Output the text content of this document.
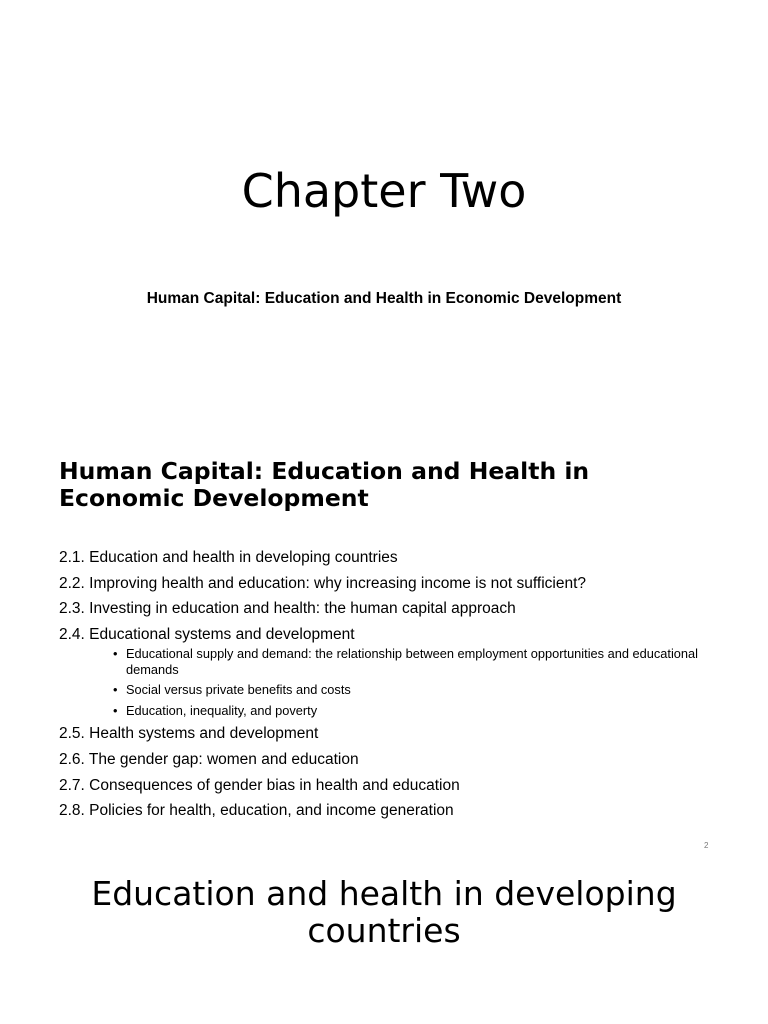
Chapter Two
Human Capital: Education and Health in Economic Development
Human Capital: Education and Health in Economic Development
2.1. Education and health in developing countries
2.2. Improving health and education: why increasing income is not sufficient?
2.3. Investing in education and health: the human capital approach
2.4. Educational systems and development
• Educational supply and demand: the relationship between employment opportunities and educational demands
• Social versus private benefits and costs
• Education, inequality, and poverty
2.5. Health systems and development
2.6. The gender gap: women and education
2.7. Consequences of gender bias in health and education
2.8. Policies for health, education, and income generation
2
Education and health in developing countries
